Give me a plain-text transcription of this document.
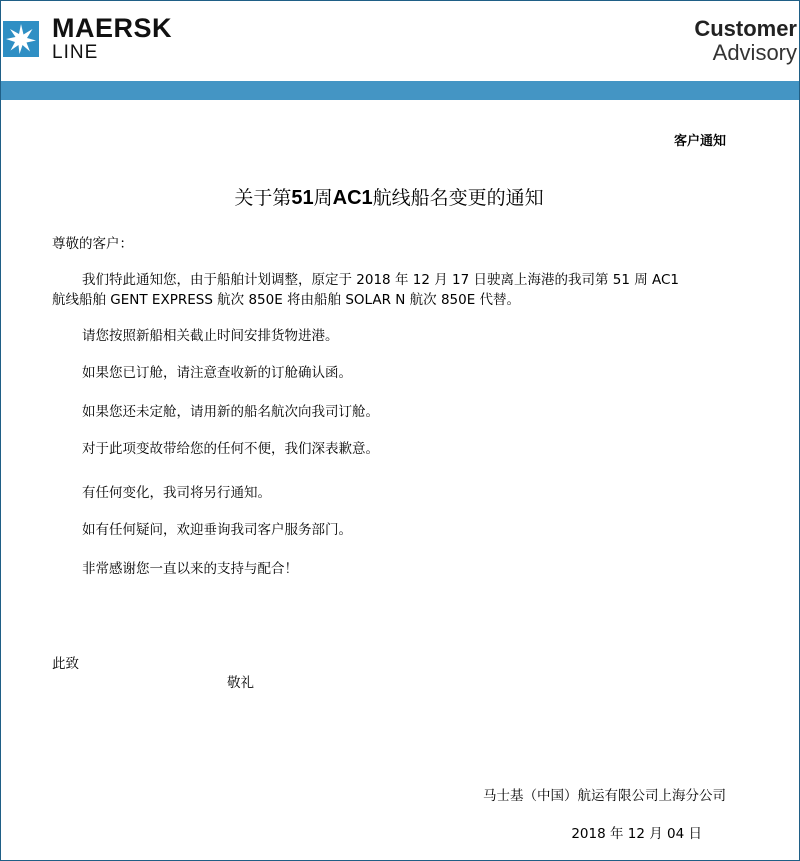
MAERSK
LINE
Customer
Advisory
客户通知
关于第51周AC1航线船名变更的通知
尊敬的客户：
我们特此通知您，由于船舶计划调整，原定于 2018 年 12 月 17 日驶离上海港的我司第 51 周 AC1
航线船舶 GENT EXPRESS 航次 850E 将由船舶 SOLAR N 航次 850E 代替。
请您按照新船相关截止时间安排货物进港。
如果您已订舱，请注意查收新的订舱确认函。
如果您还未定舱，请用新的船名航次向我司订舱。
对于此项变故带给您的任何不便，我们深表歉意。
有任何变化，我司将另行通知。
如有任何疑问，欢迎垂询我司客户服务部门。
非常感谢您一直以来的支持与配合！
此致
敬礼
马士基（中国）航运有限公司上海分公司
2018 年 12 月 04 日
